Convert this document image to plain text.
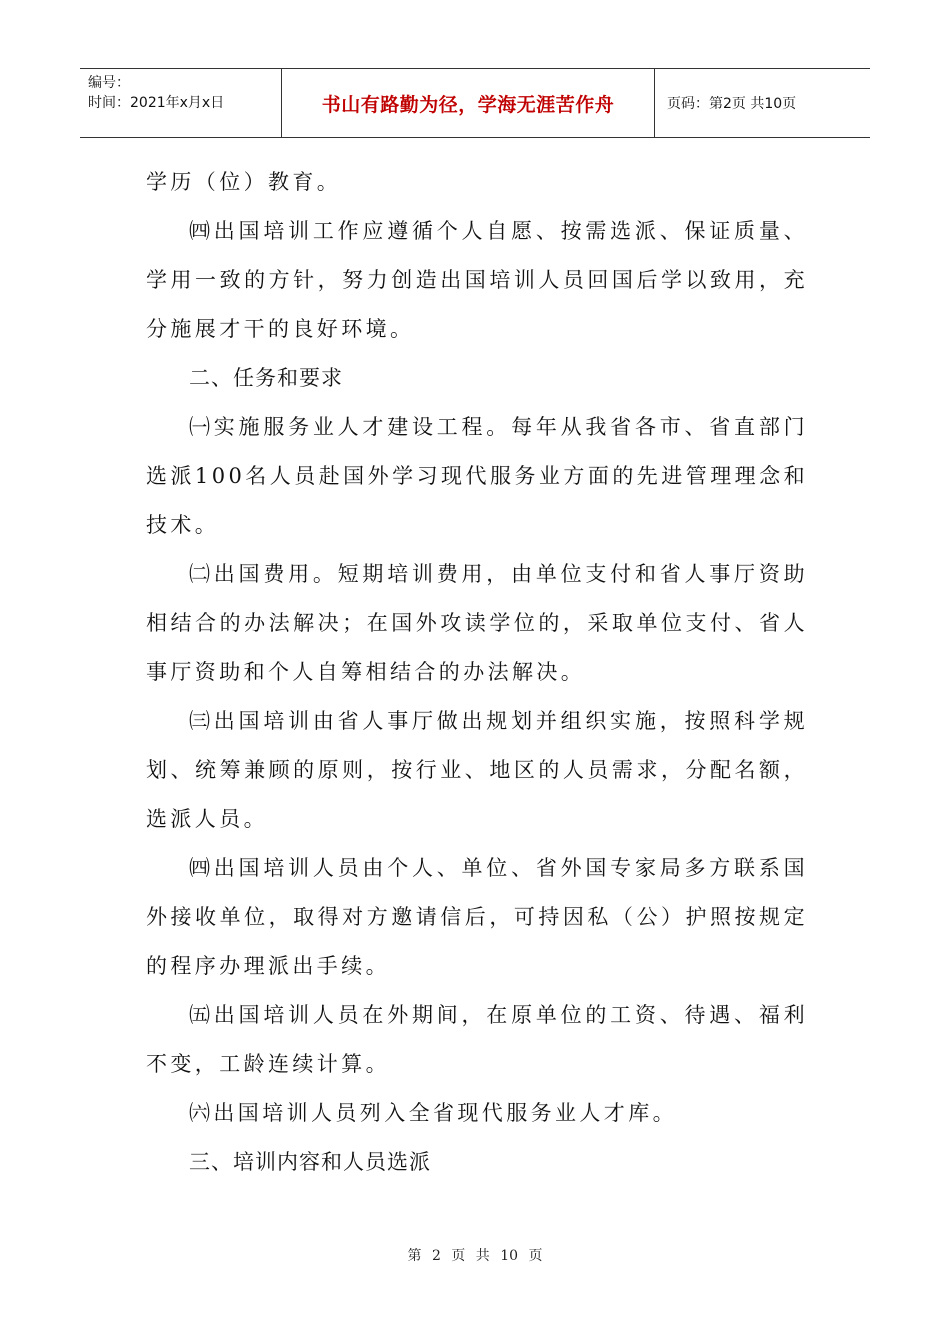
编号：
时间：2021年x月x日	书山有路勤为径，学海无涯苦作舟	页码：第2页 共10页

学历（位）教育。

㈣出国培训工作应遵循个人自愿、按需选派、保证质量、学用一致的方针，努力创造出国培训人员回国后学以致用，充分施展才干的良好环境。

二、任务和要求

㈠实施服务业人才建设工程。每年从我省各市、省直部门选派100名人员赴国外学习现代服务业方面的先进管理理念和技术。

㈡出国费用。短期培训费用，由单位支付和省人事厅资助相结合的办法解决；在国外攻读学位的，采取单位支付、省人事厅资助和个人自筹相结合的办法解决。

㈢出国培训由省人事厅做出规划并组织实施，按照科学规划、统筹兼顾的原则，按行业、地区的人员需求，分配名额，选派人员。

㈣出国培训人员由个人、单位、省外国专家局多方联系国外接收单位，取得对方邀请信后，可持因私（公）护照按规定的程序办理派出手续。

㈤出国培训人员在外期间，在原单位的工资、待遇、福利不变，工龄连续计算。

㈥出国培训人员列入全省现代服务业人才库。

三、培训内容和人员选派

第 2 页 共 10 页
